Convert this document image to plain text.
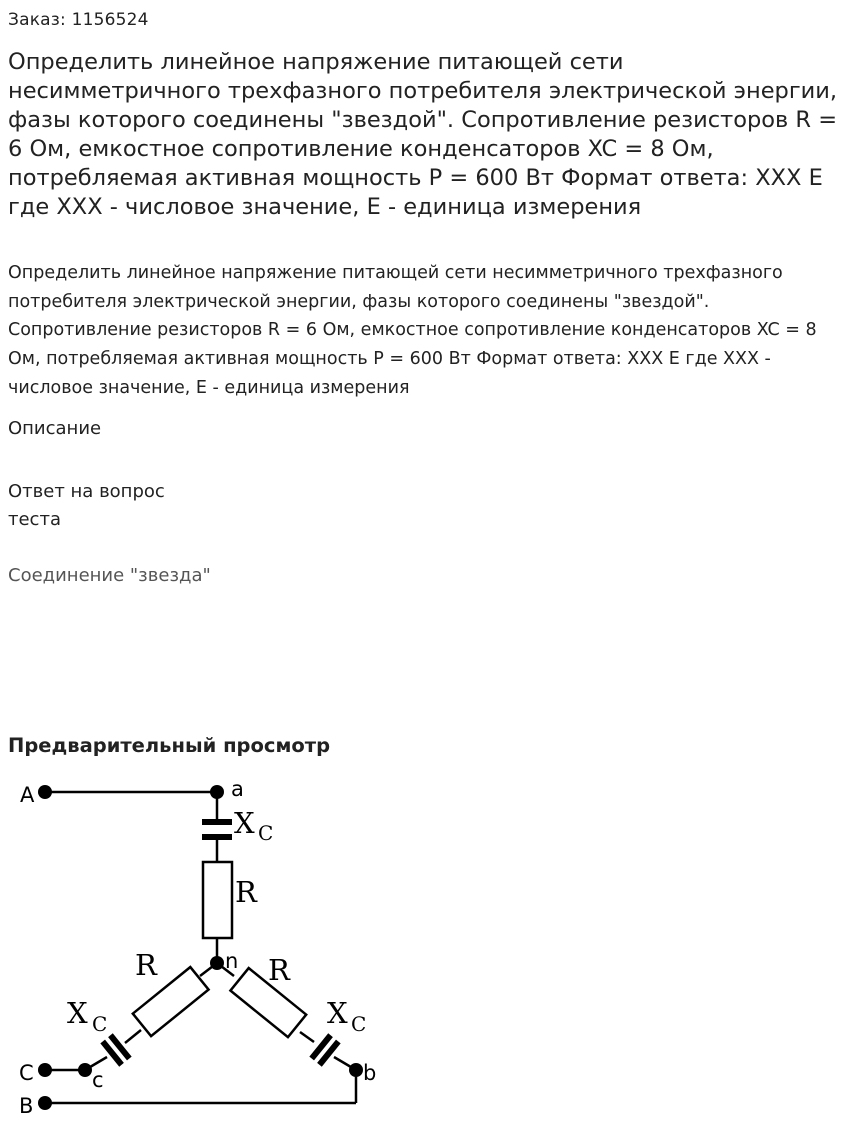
Заказ: 1156524
Определить линейное напряжение питающей сети несимметричного трехфазного потребителя электрической энергии, фазы которого соединены "звездой". Сопротивление резисторов R = 6 Ом, емкостное сопротивление конденсаторов XC = 8 Ом, потребляемая активная мощность P = 600 Вт Формат ответа: XXX E где XXX - числовое значение, E - единица измерения

Определить линейное напряжение питающей сети несимметричного трехфазного потребителя электрической энергии, фазы которого соединены "звездой". Сопротивление резисторов R = 6 Ом, емкостное сопротивление конденсаторов XC = 8 Ом, потребляемая активная мощность P = 600 Вт Формат ответа: XXX E где XXX - числовое значение, E - единица измерения

Описание
Ответ на вопрос теста
Соединение "звезда"
Предварительный просмотр
A	a
n
C	c	b
B
R
R	R
X C
X C	X C
